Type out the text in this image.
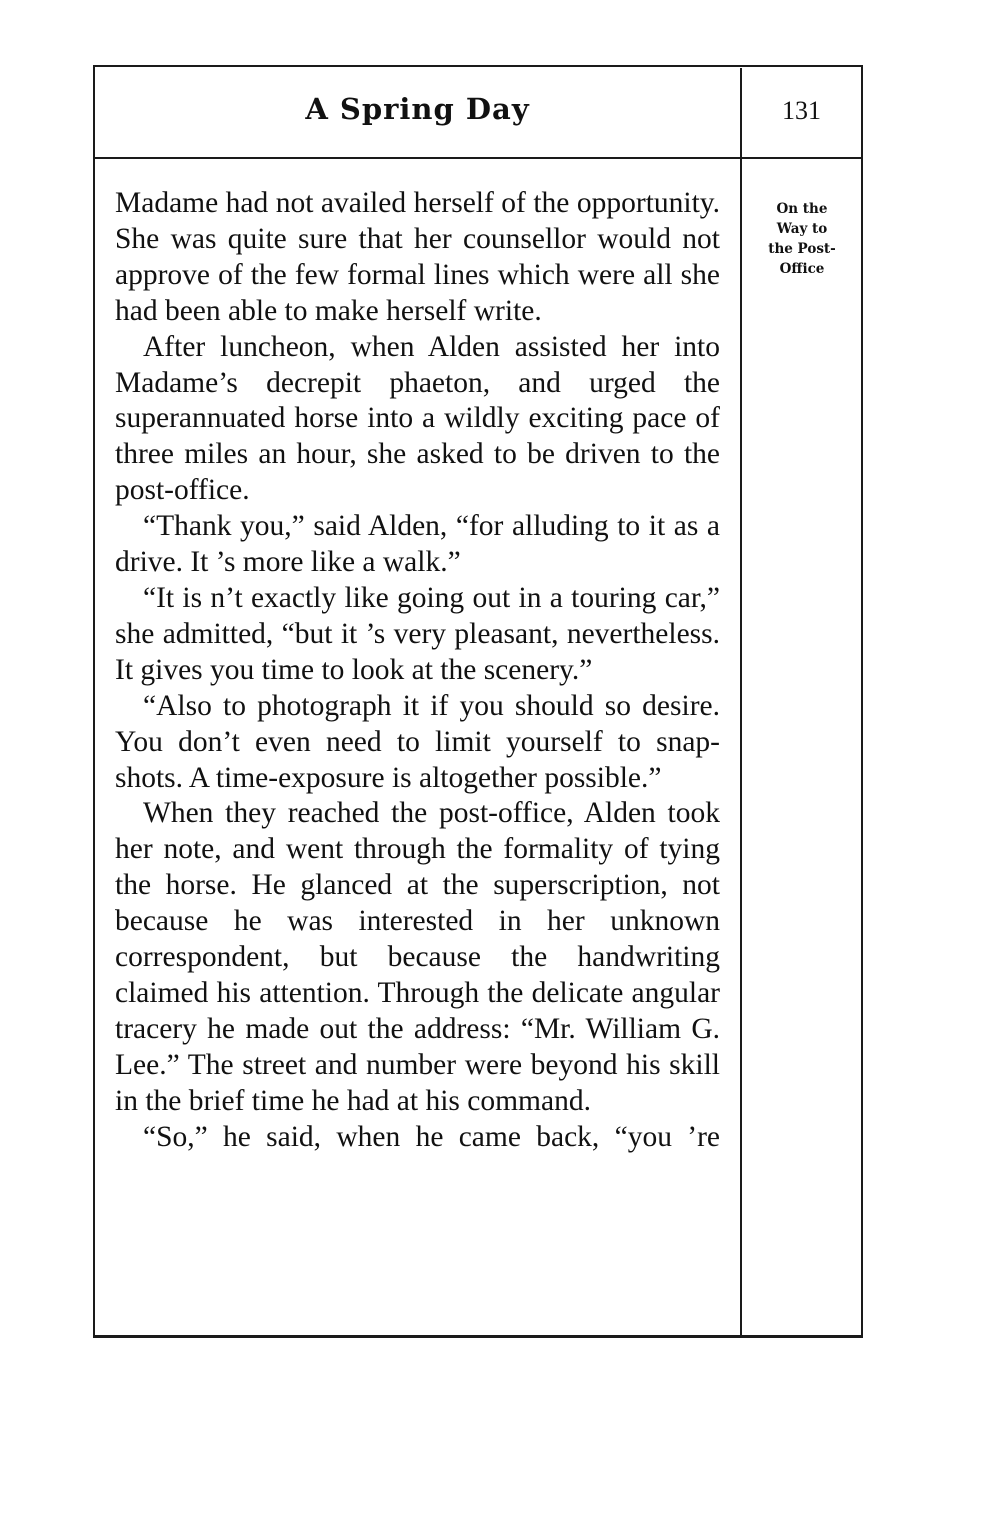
A Spring Day	131
On the
Way to
the Post-
Office

Madame had not availed herself of the opportunity. She was quite sure that her counsellor would not approve of the few formal lines which were all she had been able to make herself write.

After luncheon, when Alden assisted her into Madame’s decrepit phaeton, and urged the superannuated horse into a wildly exciting pace of three miles an hour, she asked to be driven to the post-office.

“Thank you,” said Alden, “for alluding to it as a drive. It ’s more like a walk.”

“It is n’t exactly like going out in a touring car,” she admitted, “but it ’s very pleasant, nevertheless. It gives you time to look at the scenery.”

“Also to photograph it if you should so desire. You don’t even need to limit yourself to snap-shots. A time-exposure is altogether possible.”

When they reached the post-office, Alden took her note, and went through the formality of tying the horse. He glanced at the superscription, not because he was interested in her unknown correspondent, but because the handwriting claimed his attention. Through the delicate angular tracery he made out the address: “Mr. William G. Lee.” The street and number were beyond his skill in the brief time he had at his command.

“So,” he said, when he came back, “you ’re
